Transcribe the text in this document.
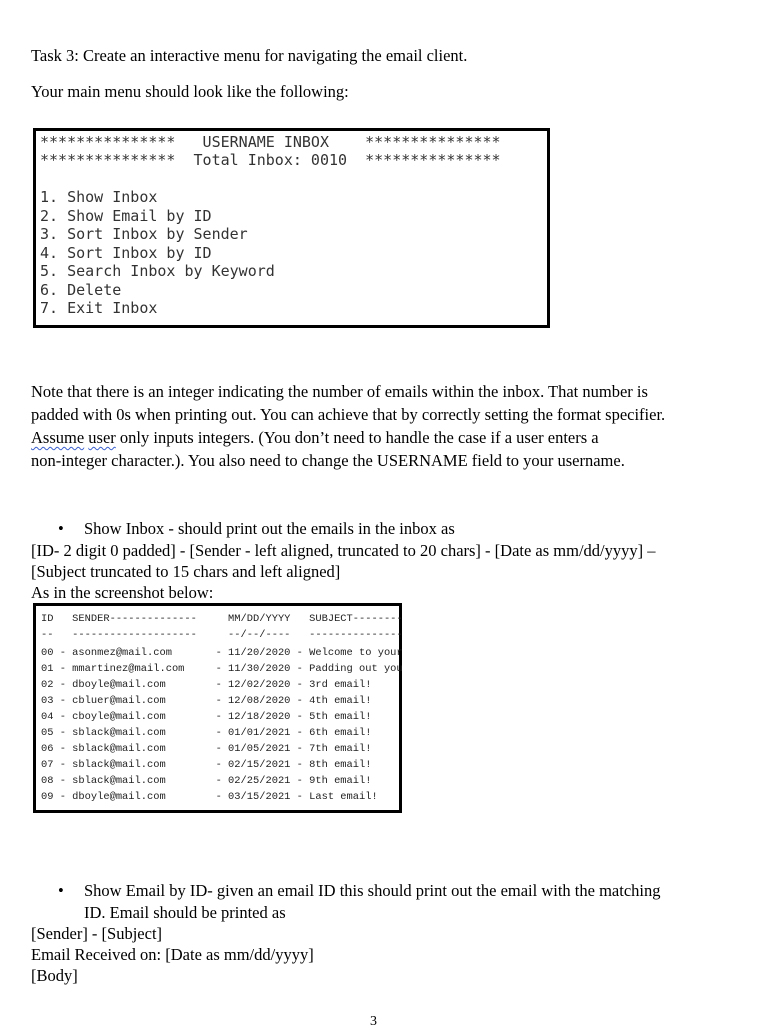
Task 3: Create an interactive menu for navigating the email client.
Your main menu should look like the following:
***************   USERNAME INBOX    ***************
***************  Total Inbox: 0010  ***************
1. Show Inbox
2. Show Email by ID
3. Sort Inbox by Sender
4. Sort Inbox by ID
5. Search Inbox by Keyword
6. Delete
7. Exit Inbox
Note that there is an integer indicating the number of emails within the inbox. That number is
padded with 0s when printing out. You can achieve that by correctly setting the format specifier.
Assume user only inputs integers. (You don’t need to handle the case if a user enters a
non-integer character.). You also need to change the USERNAME field to your username.
• Show Inbox - should print out the emails in the inbox as
[ID- 2 digit 0 padded] - [Sender - left aligned, truncated to 20 chars] - [Date as mm/dd/yyyy] –
[Subject truncated to 15 chars and left aligned]
As in the screenshot below:
ID   SENDER--------------     MM/DD/YYYY   SUBJECT--------
--   --------------------     --/--/----   ---------------
00 - asonmez@mail.com       - 11/20/2020 - Welcome to your
01 - mmartinez@mail.com     - 11/30/2020 - Padding out you
02 - dboyle@mail.com        - 12/02/2020 - 3rd email!
03 - cbluer@mail.com        - 12/08/2020 - 4th email!
04 - cboyle@mail.com        - 12/18/2020 - 5th email!
05 - sblack@mail.com        - 01/01/2021 - 6th email!
06 - sblack@mail.com        - 01/05/2021 - 7th email!
07 - sblack@mail.com        - 02/15/2021 - 8th email!
08 - sblack@mail.com        - 02/25/2021 - 9th email!
09 - dboyle@mail.com        - 03/15/2021 - Last email!
• Show Email by ID- given an email ID this should print out the email with the matching
ID. Email should be printed as
[Sender] - [Subject]
Email Received on: [Date as mm/dd/yyyy]
[Body]
3
